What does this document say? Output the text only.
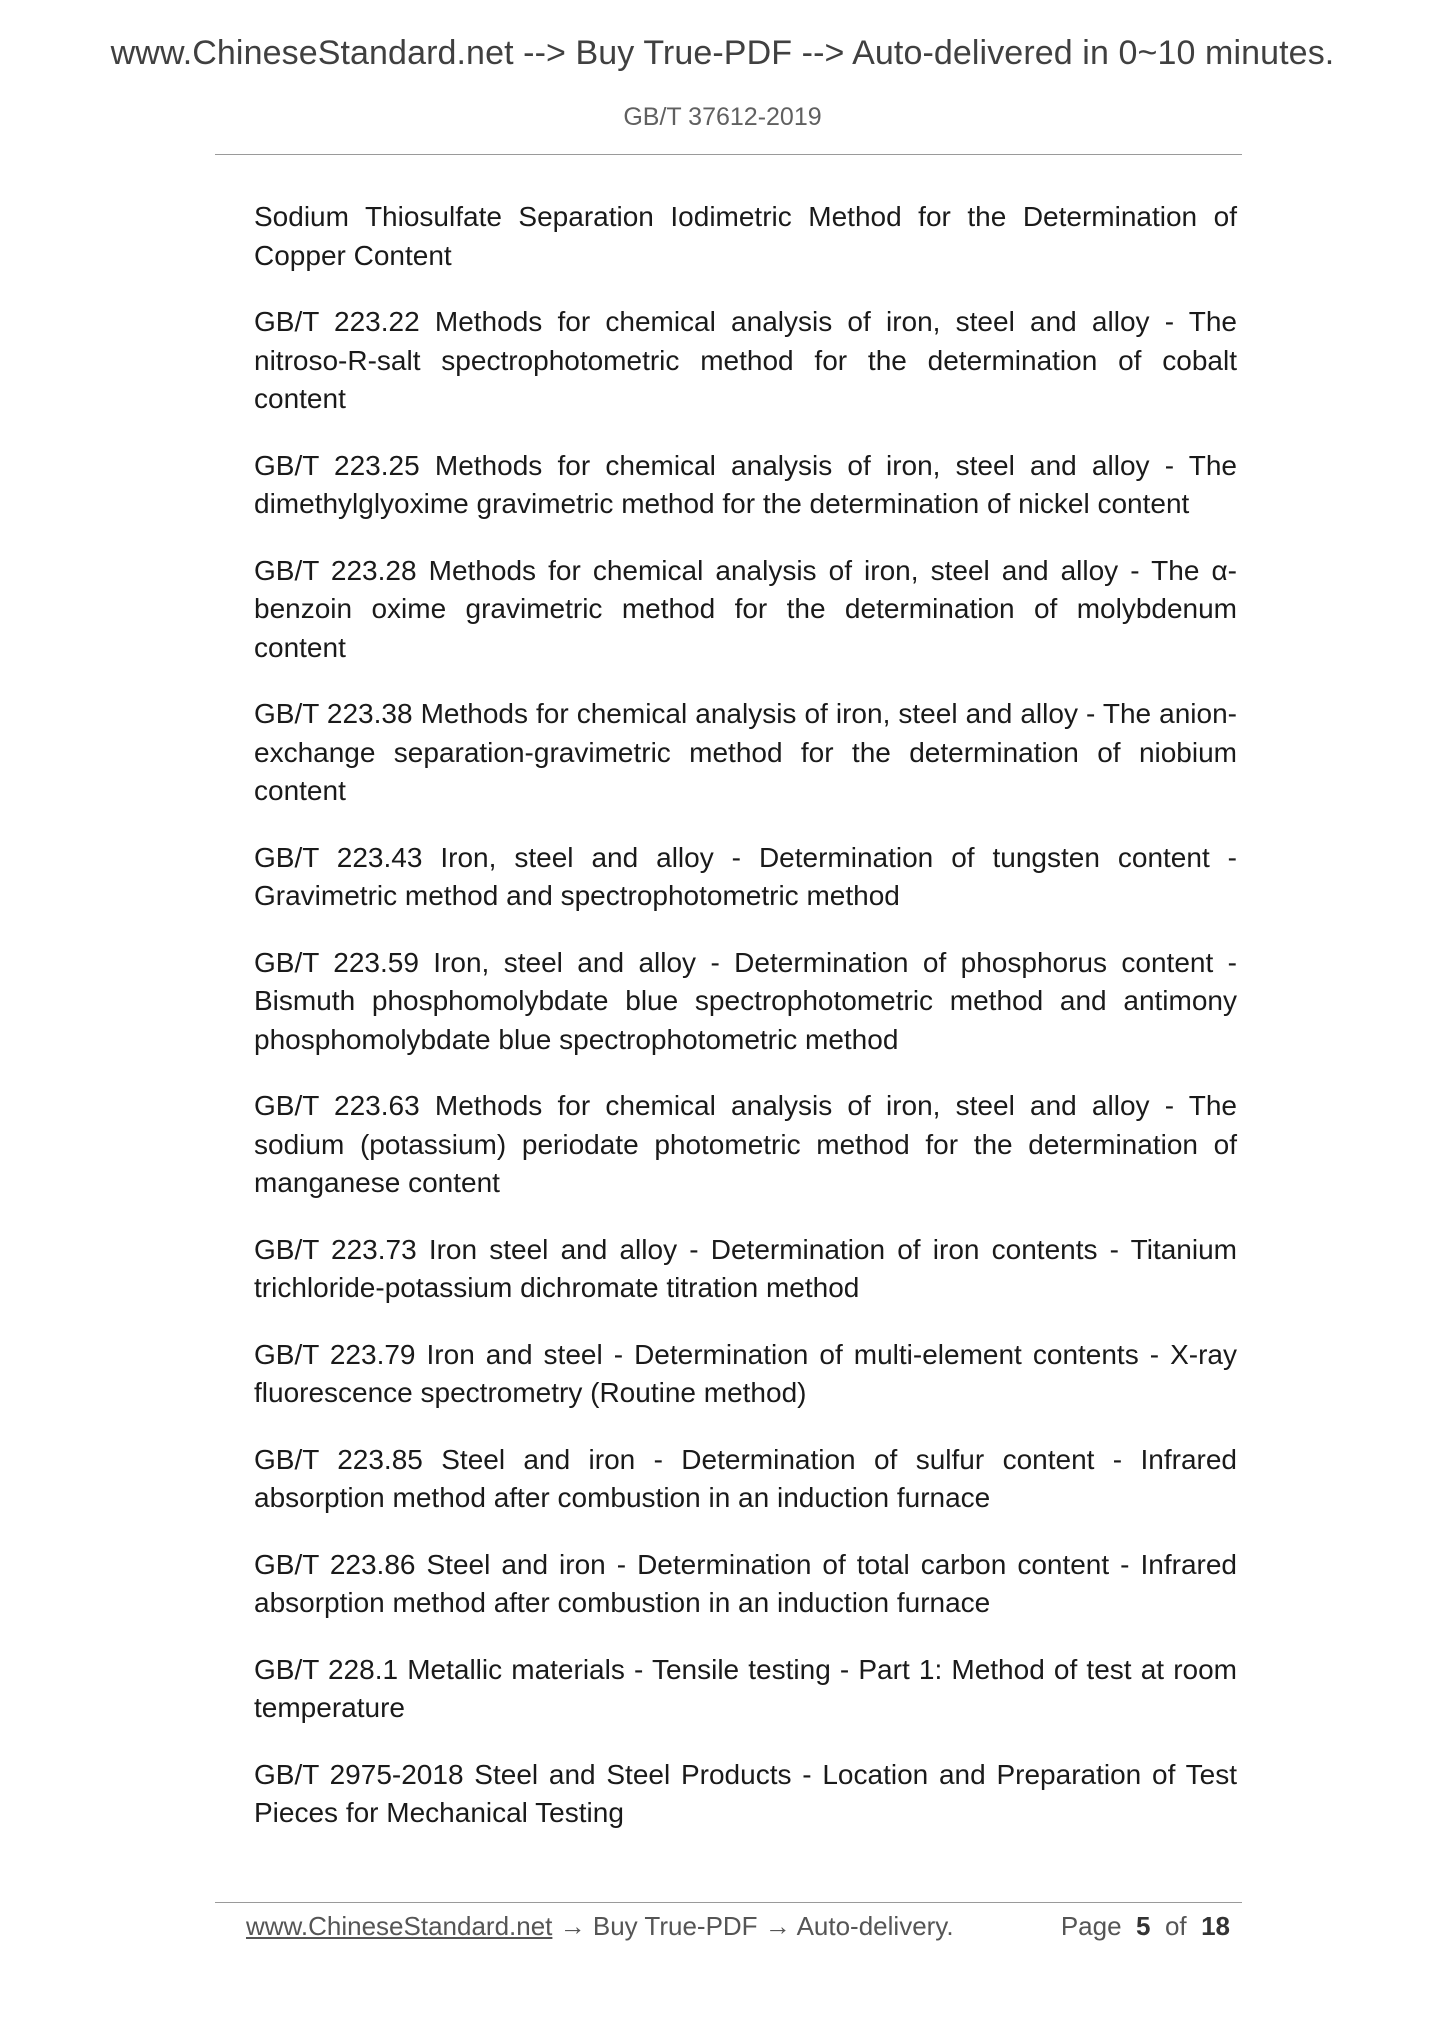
www.ChineseStandard.net --> Buy True-PDF --> Auto-delivered in 0~10 minutes.
GB/T 37612-2019
Sodium Thiosulfate Separation Iodimetric Method for the Determination of Copper Content
GB/T 223.22 Methods for chemical analysis of iron, steel and alloy - The nitroso-R-salt spectrophotometric method for the determination of cobalt content
GB/T 223.25 Methods for chemical analysis of iron, steel and alloy - The dimethylglyoxime gravimetric method for the determination of nickel content
GB/T 223.28 Methods for chemical analysis of iron, steel and alloy - The α-benzoin oxime gravimetric method for the determination of molybdenum content
GB/T 223.38 Methods for chemical analysis of iron, steel and alloy - The anion-exchange separation-gravimetric method for the determination of niobium content
GB/T 223.43 Iron, steel and alloy - Determination of tungsten content - Gravimetric method and spectrophotometric method
GB/T 223.59 Iron, steel and alloy - Determination of phosphorus content - Bismuth phosphomolybdate blue spectrophotometric method and antimony phosphomolybdate blue spectrophotometric method
GB/T 223.63 Methods for chemical analysis of iron, steel and alloy - The sodium (potassium) periodate photometric method for the determination of manganese content
GB/T 223.73 Iron steel and alloy - Determination of iron contents - Titanium trichloride-potassium dichromate titration method
GB/T 223.79 Iron and steel - Determination of multi-element contents - X-ray fluorescence spectrometry (Routine method)
GB/T 223.85 Steel and iron - Determination of sulfur content - Infrared absorption method after combustion in an induction furnace
GB/T 223.86 Steel and iron - Determination of total carbon content - Infrared absorption method after combustion in an induction furnace
GB/T 228.1 Metallic materials - Tensile testing - Part 1: Method of test at room temperature
GB/T 2975-2018 Steel and Steel Products - Location and Preparation of Test Pieces for Mechanical Testing
www.ChineseStandard.net → Buy True-PDF → Auto-delivery.	Page 5 of 18
